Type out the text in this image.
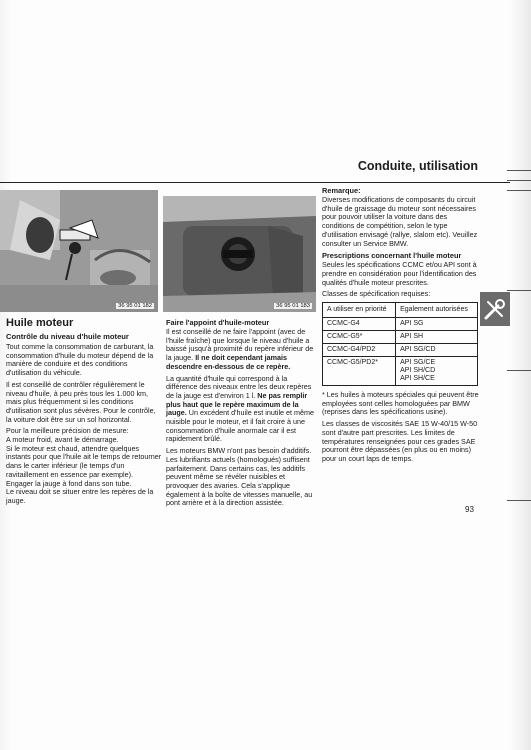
Conduite, utilisation
36 95 01 182	36 95 01 183
Huile moteur
Contrôle du niveau d'huile moteur

Tout comme la consommation de carburant, la consommation d'huile du moteur dépend de la manière de conduire et des conditions d'utilisation du véhicule.

Il est conseillé de contrôler régulièrement le niveau d'huile, à peu près tous les 1.000 km, mais plus fréquemment si les conditions d'utilisation sont plus sévères. Pour le contrôle, la voiture doit être sur un sol horizontal.

Pour la meilleure précision de mesure:

A moteur froid, avant le démarrage.

Si le moteur est chaud, attendre quelques instants pour que l'huile ait le temps de retourner dans le carter inférieur (le temps d'un ravitaillement en essence par exemple).

Engager la jauge à fond dans son tube.

Le niveau doit se situer entre les repères de la jauge.

Faire l'appoint d'huile-moteur

Il est conseillé de ne faire l'appoint (avec de l'huile fraîche) que lorsque le niveau d'huile a baissé jusqu'à proximité du repère inférieur de la jauge. Il ne doit cependant jamais descendre en-dessous de ce repère.

La quantité d'huile qui correspond à la différence des niveaux entre les deux repères de la jauge est d'environ 1 l. Ne pas remplir plus haut que le repère maximum de la jauge. Un excédent d'huile est inutile et même nuisible pour le moteur, et il fait croire à une consommation d'huile anormale car il est rapidement brûlé.

Les moteurs BMW n'ont pas besoin d'additifs. Les lubrifiants actuels (homologués) suffisent parfaitement. Dans certains cas, les additifs peuvent même se révéler nuisibles et provoquer des avaries. Cela s'applique également à la boîte de vitesses manuelle, au pont arrière et à la direction assistée.

Remarque:

Diverses modifications de composants du circuit d'huile de graissage du moteur sont nécessaires pour pouvoir utiliser la voiture dans des conditions de compétition, selon le type d'utilisation envisagé (rallye, slalom etc). Veuillez consulter un Service BMW.

Prescriptions concernant l'huile moteur

Seules les spécifications CCMC et/ou API sont à prendre en considération pour l'identification des qualités d'huile moteur prescrites.

Classes de spécification requises:

A utiliser en priorité	Egalement autorisées
CCMC-G4	API SG
CCMC-G5*	API SH
CCMC-G4/PD2	API SG/CD
CCMC-G5/PD2*	API SG/CE
API SH/CD
API SH/CE

* Les huiles à moteurs spéciales qui peuvent être employées sont celles homologuées par BMW (reprises dans les spécifications usine).

Les classes de viscosités SAE 15 W-40/15 W-50 sont d'autre part prescrites. Les limites de températures renseignées pour ces grades SAE pourront être dépassées (en plus ou en moins) pour un court laps de temps.

93
